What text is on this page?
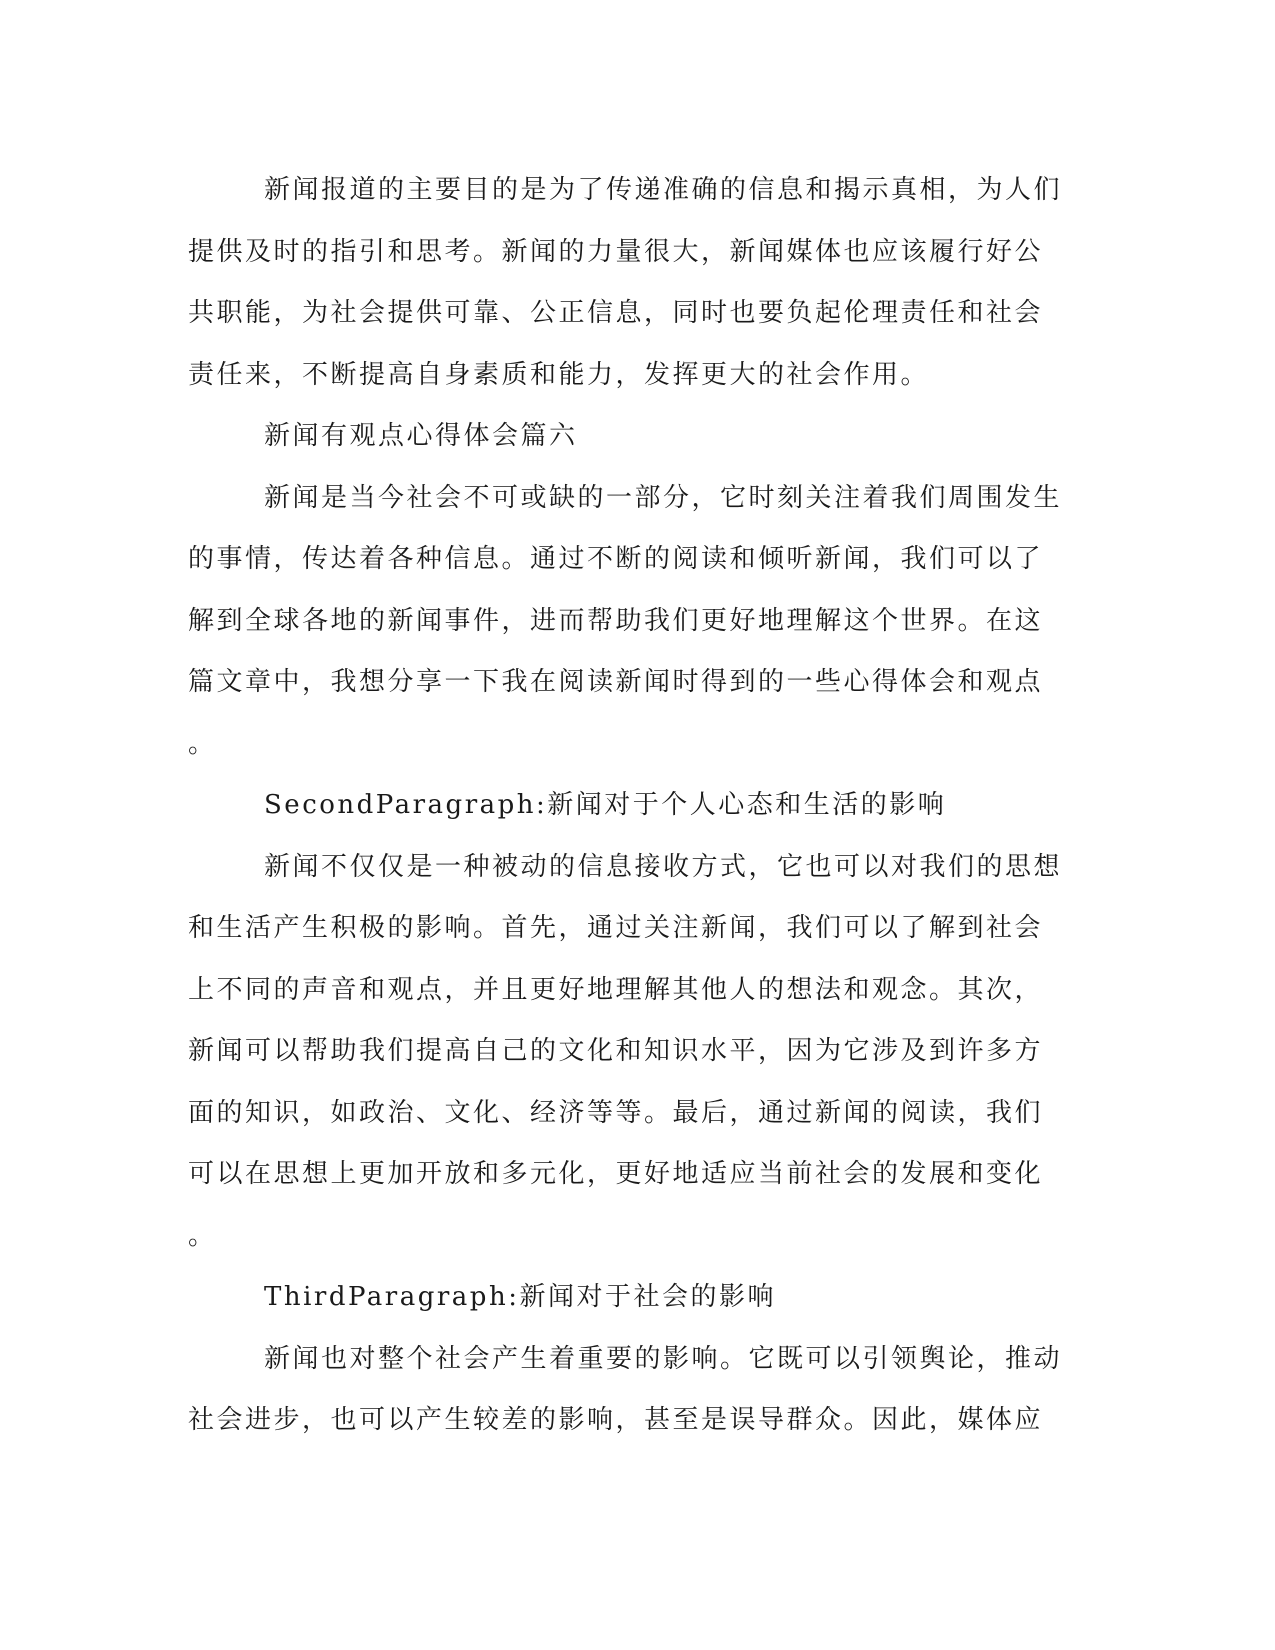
新闻报道的主要目的是为了传递准确的信息和揭示真相，为人们
提供及时的指引和思考。新闻的力量很大，新闻媒体也应该履行好公
共职能，为社会提供可靠、公正信息，同时也要负起伦理责任和社会
责任来，不断提高自身素质和能力，发挥更大的社会作用。
新闻有观点心得体会篇六
新闻是当今社会不可或缺的一部分，它时刻关注着我们周围发生
的事情，传达着各种信息。通过不断的阅读和倾听新闻，我们可以了
解到全球各地的新闻事件，进而帮助我们更好地理解这个世界。在这
篇文章中，我想分享一下我在阅读新闻时得到的一些心得体会和观点
。
SecondParagraph:新闻对于个人心态和生活的影响
新闻不仅仅是一种被动的信息接收方式，它也可以对我们的思想
和生活产生积极的影响。首先，通过关注新闻，我们可以了解到社会
上不同的声音和观点，并且更好地理解其他人的想法和观念。其次，
新闻可以帮助我们提高自己的文化和知识水平，因为它涉及到许多方
面的知识，如政治、文化、经济等等。最后，通过新闻的阅读，我们
可以在思想上更加开放和多元化，更好地适应当前社会的发展和变化
。
ThirdParagraph:新闻对于社会的影响
新闻也对整个社会产生着重要的影响。它既可以引领舆论，推动
社会进步，也可以产生较差的影响，甚至是误导群众。因此，媒体应
